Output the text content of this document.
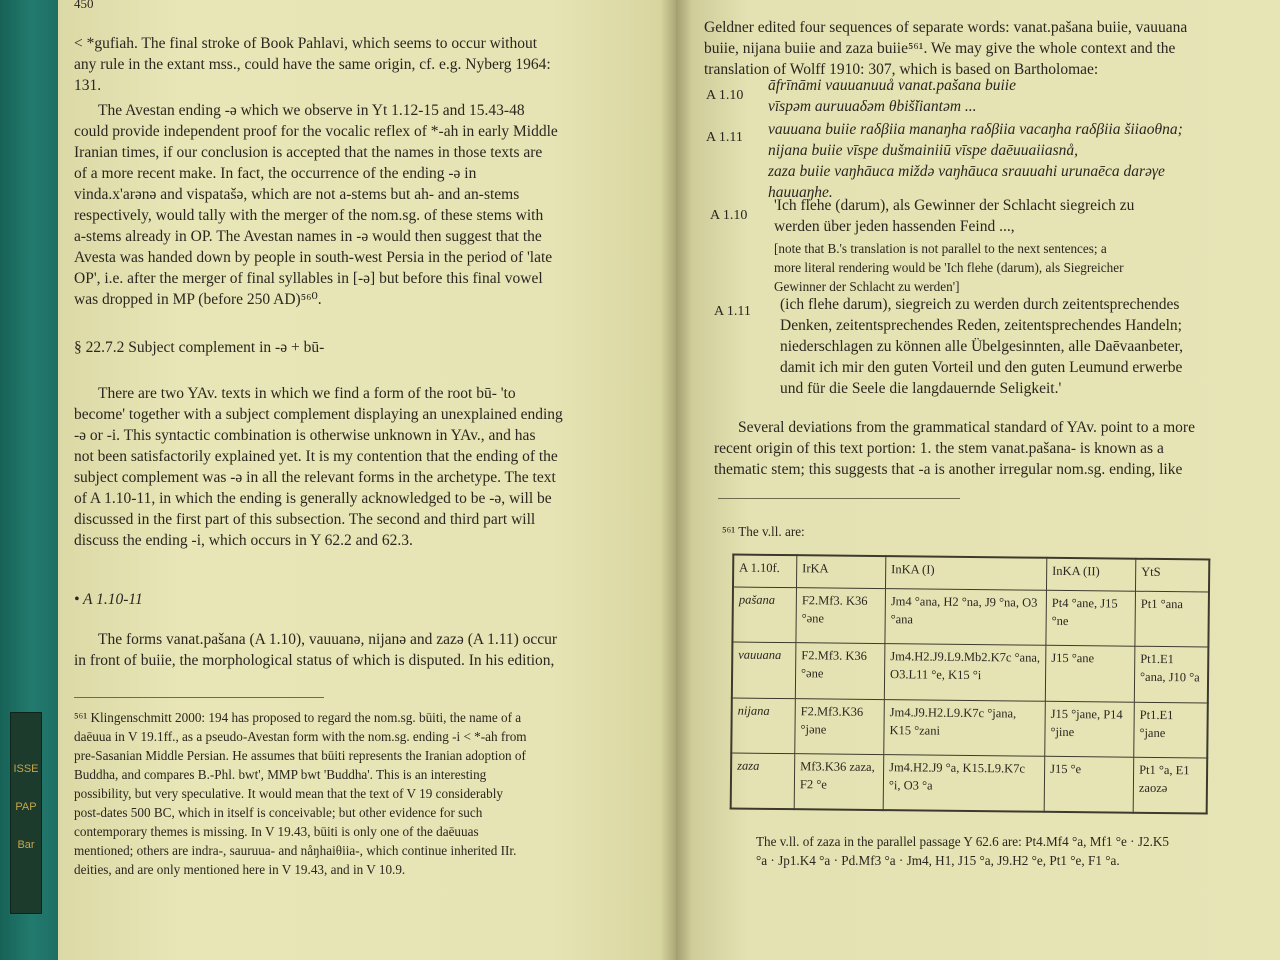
ISSE
PAP
Bar
450
< *gufiah. The final stroke of Book Pahlavi, which seems to occur without
any rule in the extant mss., could have the same origin, cf. e.g. Nyberg 1964:
131.
The Avestan ending -ə which we observe in Yt 1.12-15 and 15.43-48
could provide independent proof for the vocalic reflex of *-ah in early Middle
Iranian times, if our conclusion is accepted that the names in those texts are
of a more recent make. In fact, the occurrence of the ending -ə in
vinda.x'arənə and vispatašə, which are not a-stems but ah- and an-stems
respectively, would tally with the merger of the nom.sg. of these stems with
a-stems already in OP. The Avestan names in -ə would then suggest that the
Avesta was handed down by people in south-west Persia in the period of 'late
OP', i.e. after the merger of final syllables in [-ə] but before this final vowel
was dropped in MP (before 250 AD)⁵⁶⁰.
§ 22.7.2 Subject complement in -ə + bū-
There are two YAv. texts in which we find a form of the root bū- 'to
become' together with a subject complement displaying an unexplained ending
-ə or -i. This syntactic combination is otherwise unknown in YAv., and has
not been satisfactorily explained yet. It is my contention that the ending of the
subject complement was -ə in all the relevant forms in the archetype. The text
of A 1.10-11, in which the ending is generally acknowledged to be -ə, will be
discussed in the first part of this subsection. The second and third part will
discuss the ending -i, which occurs in Y 62.2 and 62.3.
• A 1.10-11
The forms vanat.pašana (A 1.10), vauuanə, nijanə and zazə (A 1.11) occur
in front of buiie, the morphological status of which is disputed. In his edition,
⁵⁶¹ Klingenschmitt 2000: 194 has proposed to regard the nom.sg. būiti, the name of a
daēuua in V 19.1ff., as a pseudo-Avestan form with the nom.sg. ending -i < *-ah from
pre-Sasanian Middle Persian. He assumes that būiti represents the Iranian adoption of
Buddha, and compares B.-Phl. bwt', MMP bwt 'Buddha'. This is an interesting
possibility, but very speculative. It would mean that the text of V 19 considerably
post-dates 500 BC, which in itself is conceivable; but other evidence for such
contemporary themes is missing. In V 19.43, būiti is only one of the daēuuas
mentioned; others are indra-, sauruua- and nåŋhaiθiia-, which continue inherited IIr.
deities, and are only mentioned here in V 19.43, and in V 10.9.
Geldner edited four sequences of separate words: vanat.pašana buiie, vauuana
buiie, nijana buiie and zaza buiie⁵⁶¹. We may give the whole context and the
translation of Wolff 1910: 307, which is based on Bartholomae:
A 1.10
āfrīnāmi vauuanuuå vanat.pašana buiie
vīspəm auruuaδəm θbiš̌iiantəm ...
A 1.11 vauuana buiie raδβiia manaŋha raδβiia vacaŋha raδβiia šiiaoθna;
nijana buiie vīspe dušmainiiū vīspe daēuuaiiasnå,
zaza buiie vaŋhāuca miždə vaŋhāuca srauuahi urunaēca darəγe
hauuaŋhe.
A 1.10
'Ich flehe (darum), als Gewinner der Schlacht siegreich zu
werden über jeden hassenden Feind ...,
[note that B.'s translation is not parallel to the next sentences; a
more literal rendering would be 'Ich flehe (darum), als Siegreicher
Gewinner der Schlacht zu werden']
A 1.11 (ich flehe darum), siegreich zu werden durch zeitentsprechendes
Denken, zeitentsprechendes Reden, zeitentsprechendes Handeln;
niederschlagen zu können alle Übelgesinnten, alle Daēvaanbeter,
damit ich mir den guten Vorteil und den guten Leumund erwerbe
und für die Seele die langdauernde Seligkeit.'
Several deviations from the grammatical standard of YAv. point to a more
recent origin of this text portion: 1. the stem vanat.pašana- is known as a
thematic stem; this suggests that -a is another irregular nom.sg. ending, like
⁵⁶¹ The v.ll. are:
The v.ll. of zaza in the parallel passage Y 62.6 are: Pt4.Mf4 °a, Mf1 °e · J2.K5
°a · Jp1.K4 °a · Pd.Mf3 °a · Jm4, H1, J15 °a, J9.H2 °e, Pt1 °e, F1 °a.
A 1.10f.	IrKA	InKA (I)	InKA (II)	YtS
pašana	F2.Mf3. K36 °əne	Jm4 °ana, H2 °na, J9 °na, O3 °ana	Pt4 °ane, J15 °ne	Pt1 °ana
vauuana	F2.Mf3. K36 °əne	Jm4.H2.J9.L9.Mb2.K7c °ana, O3.L11 °e, K15 °i	J15 °ane	Pt1.E1 °ana, J10 °a
nijana	F2.Mf3.K36 °jəne	Jm4.J9.H2.L9.K7c °jana, K15 °zani	J15 °jane, P14 °jine	Pt1.E1 °jane
zaza	Mf3.K36 zaza, F2 °e	Jm4.H2.J9 °a, K15.L9.K7c °i, O3 °a	J15 °e	Pt1 °a, E1 zaozə
